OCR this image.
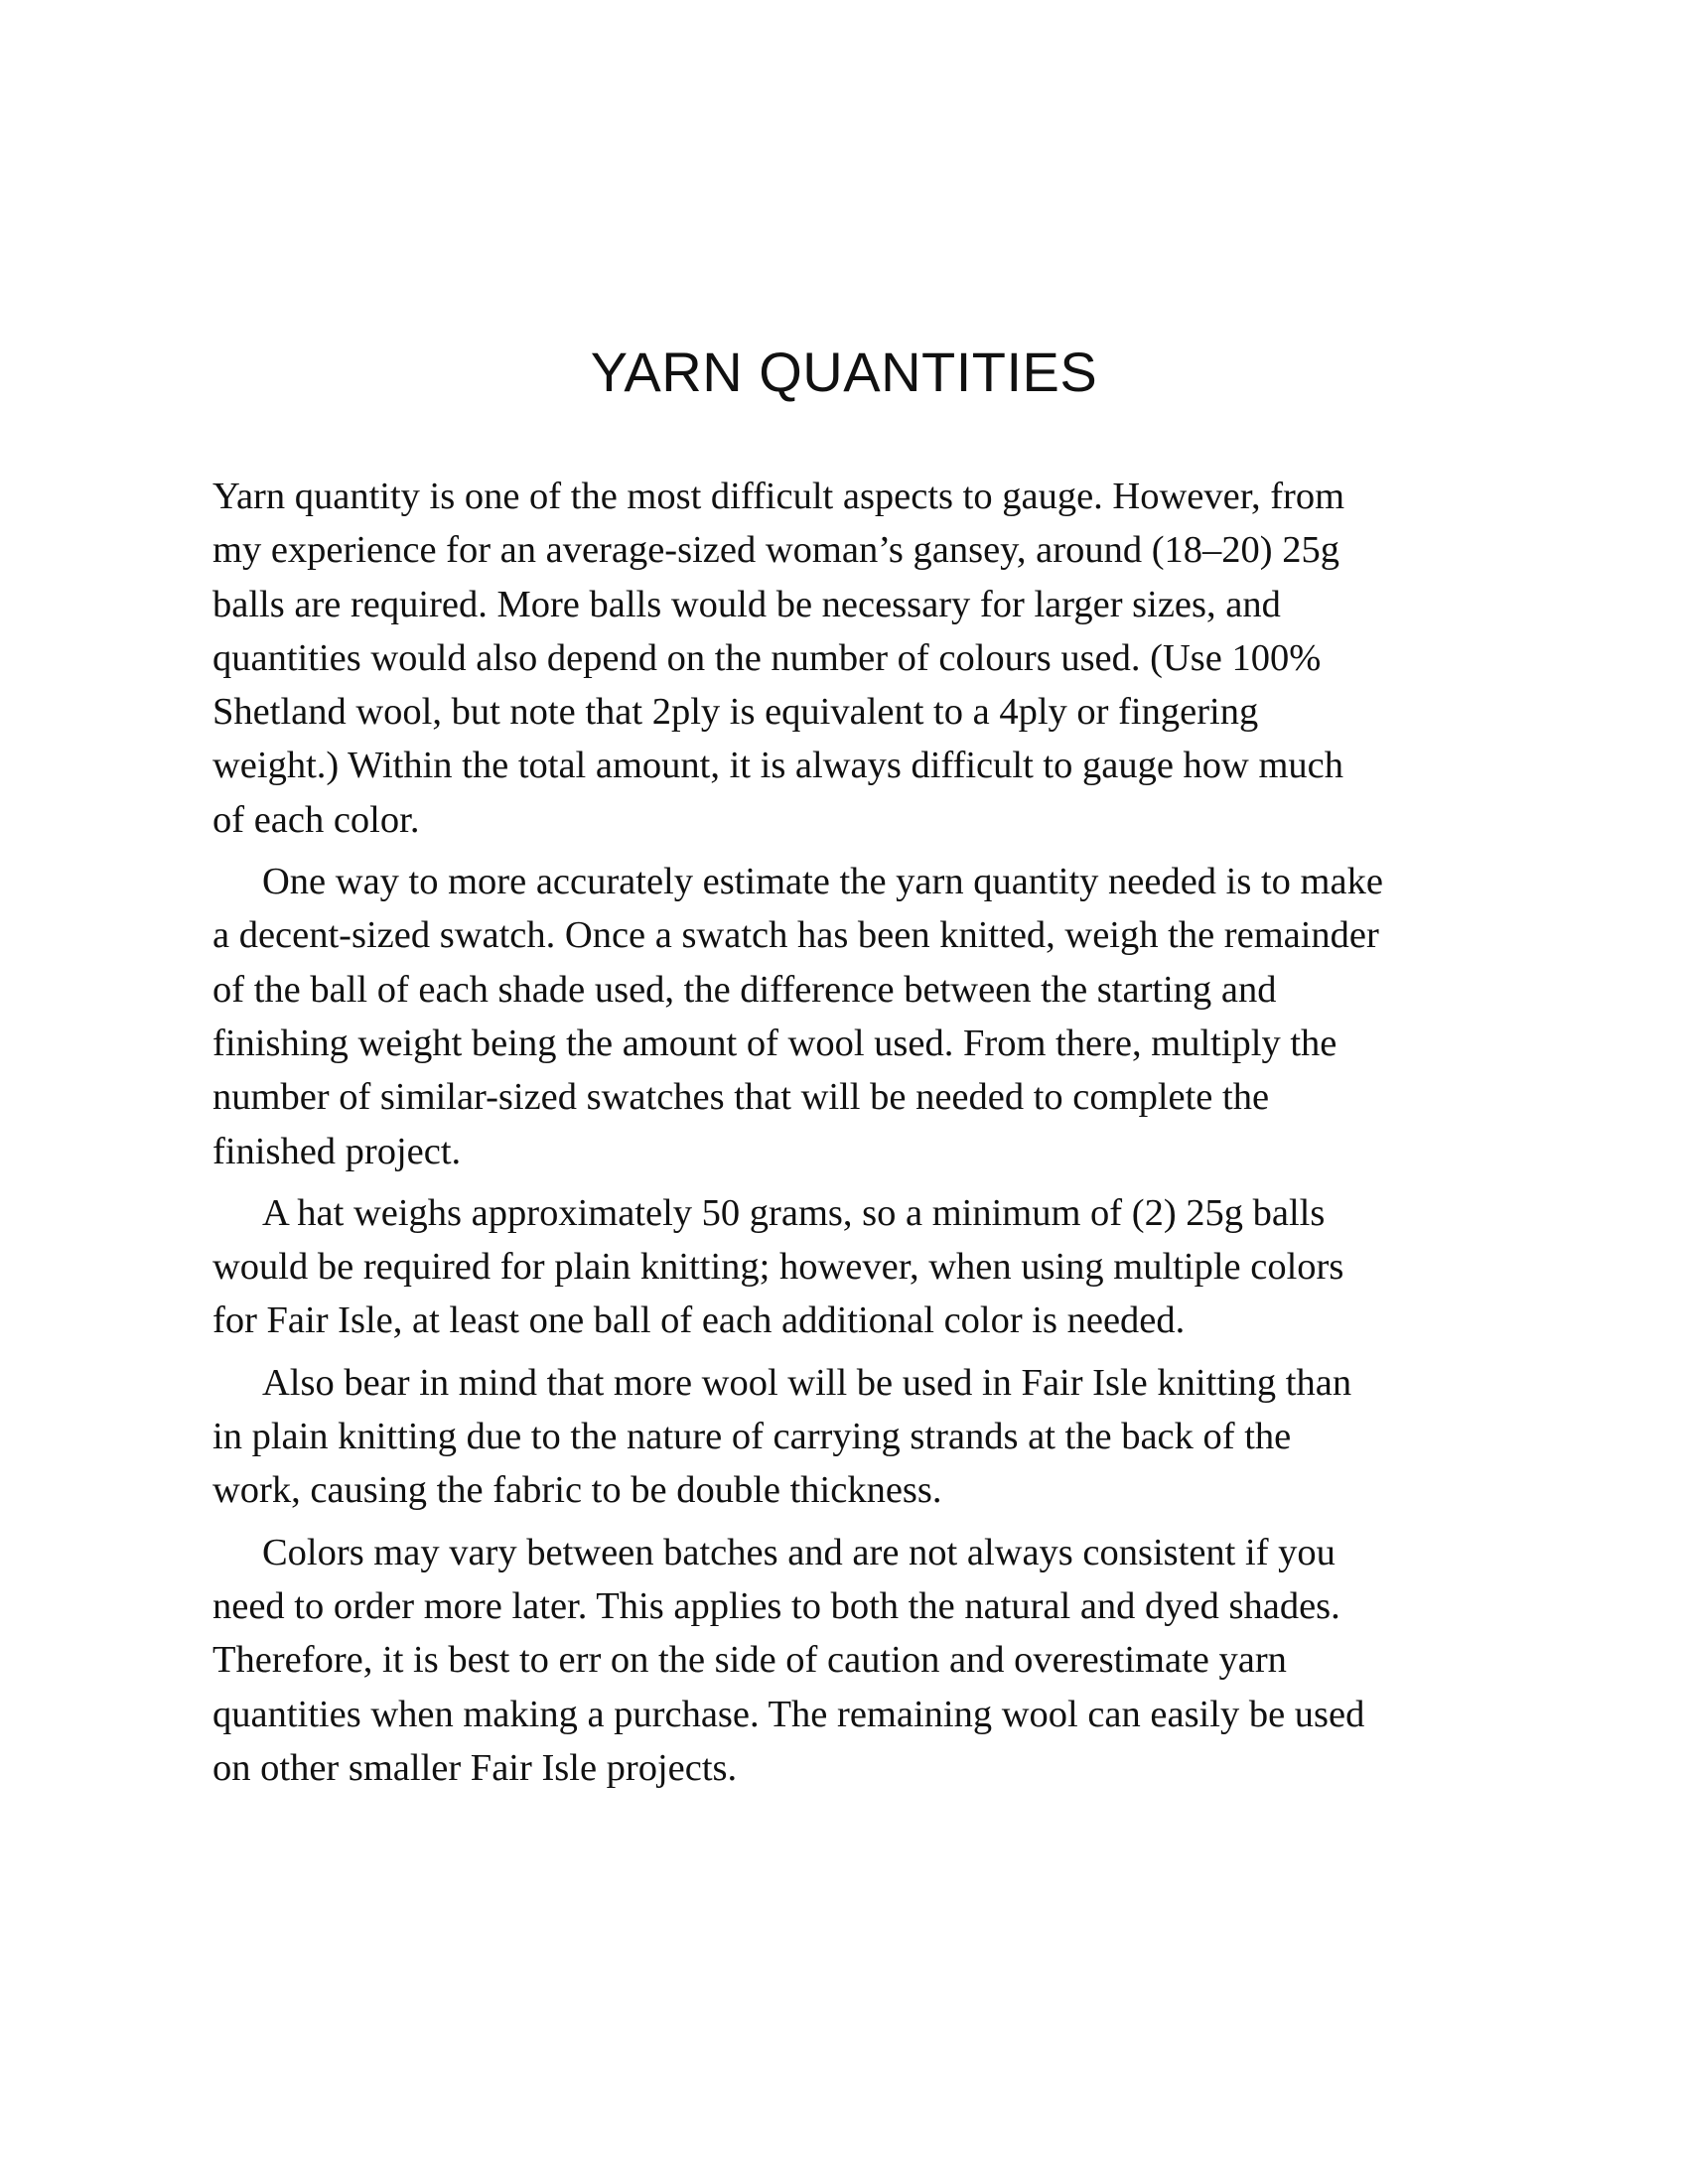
YARN QUANTITIES

Yarn quantity is one of the most difficult aspects to gauge. However, from
my experience for an average-sized woman’s gansey, around (18–20) 25g
balls are required. More balls would be necessary for larger sizes, and
quantities would also depend on the number of colours used. (Use 100%
Shetland wool, but note that 2ply is equivalent to a 4ply or fingering
weight.) Within the total amount, it is always difficult to gauge how much
of each color.

One way to more accurately estimate the yarn quantity needed is to make
a decent-sized swatch. Once a swatch has been knitted, weigh the remainder
of the ball of each shade used, the difference between the starting and
finishing weight being the amount of wool used. From there, multiply the
number of similar-sized swatches that will be needed to complete the
finished project.

A hat weighs approximately 50 grams, so a minimum of (2) 25g balls
would be required for plain knitting; however, when using multiple colors
for Fair Isle, at least one ball of each additional color is needed.

Also bear in mind that more wool will be used in Fair Isle knitting than
in plain knitting due to the nature of carrying strands at the back of the
work, causing the fabric to be double thickness.

Colors may vary between batches and are not always consistent if you
need to order more later. This applies to both the natural and dyed shades.
Therefore, it is best to err on the side of caution and overestimate yarn
quantities when making a purchase. The remaining wool can easily be used
on other smaller Fair Isle projects.
